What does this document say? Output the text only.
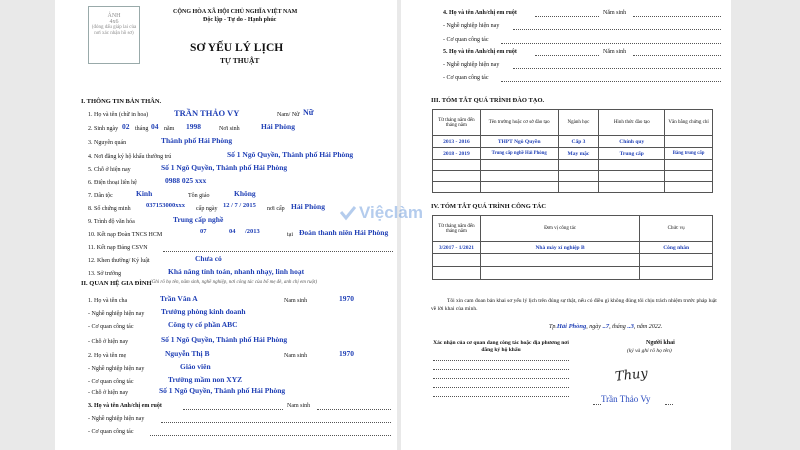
ẢNH
4x6
(đóng dấu giáp lai của nơi xác nhận hồ sơ)
CỘNG HÒA XÃ HỘI CHỦ NGHĨA VIỆT NAM
Độc lập - Tự do - Hạnh phúc
SƠ YẾU LÝ LỊCH
TỰ THUẬT
I. THÔNG TIN BẢN THÂN.
1. Họ và tên (chữ in hoa)	TRẦN THẢO VY	Nam/ Nữ Nữ
2. Sinh ngày 02 tháng 04 năm 1998	Nơi sinh	Hải Phòng
3. Nguyên quán	Thành phố Hải Phòng
4. Nơi đăng ký hộ khẩu thường trú	Số 1 Ngô Quyền, Thành phố Hải Phòng
5. Chỗ ở hiện nay	Số 1 Ngô Quyền, Thành phố Hải Phòng
6. Điện thoại liên hệ	0988 025 xxx
7. Dân tộc	Kinh	Tôn giáo	Không
8. Số chứng minh 037153000xxx cấp ngày 12 / 7 / 2015 nơi cấp Hải Phòng
9. Trình độ văn hóa	Trung cấp nghề
10. Kết nạp Đoàn TNCS HCM	07	04 /2013	tại Đoàn thanh niên Hải Phòng
11. Kết nạp Đảng CSVN
12. Khen thưởng/ Kỷ luật	Chưa có
13. Sở trường	Khả năng tính toán, nhanh nhạy, linh hoạt
II. QUAN HỆ GIA ĐÌNH
(Ghi rõ họ tên, năm sinh, nghề nghiệp, nơi công tác của bố mẹ đẻ, anh chị em ruột)
1. Họ và tên cha	Trần Văn A	Nam sinh	1970
- Nghề nghiệp hiện nay Trưởng phòng kinh doanh
- Cơ quan công tác	Công ty cổ phần ABC
- Chỗ ở hiện nay	Số 1 Ngô Quyền, Thành phố Hải Phòng
2. Họ và tên mẹ	Nguyễn Thị B	Nam sinh	1970
- Nghề nghiệp hiện nay	Giáo viên
- Cơ quan công tác	Trường mầm non XYZ
- Chỗ ở hiện nay	Số 1 Ngô Quyền, Thành phố Hải Phòng
3. Họ và tên Anh/chị em ruột	Nam sinh
- Nghề nghiệp hiện nay
- Cơ quan công tác
4. Họ và tên Anh/chị em ruột	Năm sinh
- Nghề nghiệp hiện nay
- Cơ quan công tác
5. Họ và tên Anh/chị em ruột	Năm sinh
- Nghề nghiệp hiện nay
- Cơ quan công tác
III. TÓM TẮT QUÁ TRÌNH ĐÀO TẠO.
Từ tháng năm đến tháng năm	Tên trường hoặc cơ sở đào tạo	Ngành học	Hình thức đào tạo	Văn bằng chứng chỉ
2013 - 2016	THPT Ngô Quyền	Cấp 3	Chính quy	
2018 - 2019	Trung cấp nghề Hải Phòng	May mặc	Trung cấp	Bằng trung cấp

IV. TÓM TẮT QUÁ TRÌNH CÔNG TÁC
Từ tháng năm đến tháng năm	Đơn vị công tác	Chức vụ
3/2017 - 1/2021	Nhà máy xí nghiệp B	Công nhân

Tôi xin cam đoan bản khai sơ yếu lý lịch trên đúng sự thật, nếu có điều gì không đúng tôi chịu trách nhiệm trước pháp luật về lời khai của mình.
Tp.Hải Phòng, ngày ..7, tháng ..3, năm 2022.
Xác nhận của cơ quan đang công tác hoặc địa phương nơi đăng ký hộ khẩu
Người khai
(ký và ghi rõ họ tên)
Thuy
Trần Thảo Vy
Việclàm
